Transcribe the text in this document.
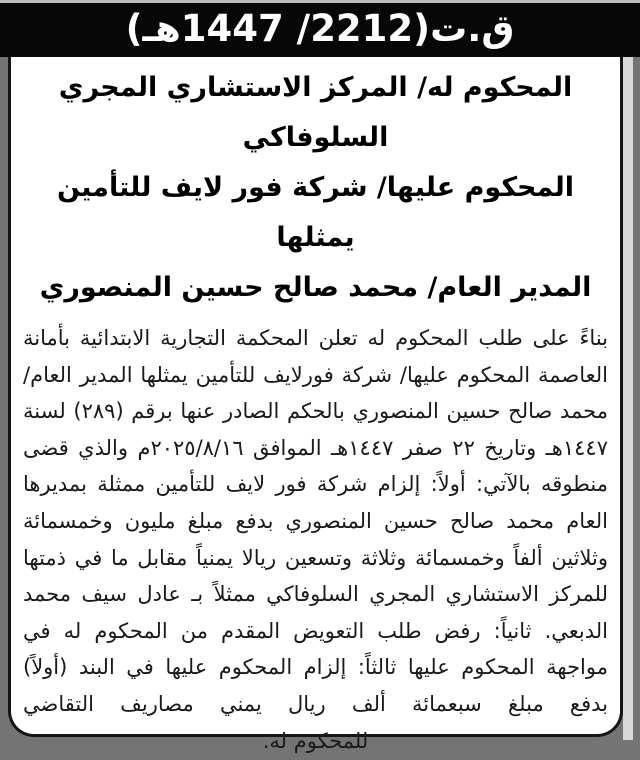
ق.ت(2212/ 1447هـ)
المحكوم له/ المركز الاستشاري المجري السلوفاكي
المحكوم عليها/ شركة فور لايف للتأمين يمثلها
المدير العام/ محمد صالح حسين المنصوري

بناءً على طلب المحكوم له تعلن المحكمة التجارية الابتدائية بأمانة العاصمة المحكوم عليها/ شركة فورلايف للتأمين يمثلها المدير العام/ محمد صالح حسين المنصوري بالحكم الصادر عنها برقم (٢٨٩) لسنة ١٤٤٧هـ وتاريخ ٢٢ صفر ١٤٤٧هـ الموافق ٢٠٢٥/٨/١٦م والذي قضى منطوقه بالآتي: أولاً: إلزام شركة فور لايف للتأمين ممثلة بمديرها العام محمد صالح حسين المنصوري بدفع مبلغ مليون وخمسمائة وثلاثين ألفاً وخمسمائة وثلاثة وتسعين ريالا يمنياً مقابل ما في ذمتها للمركز الاستشاري المجري السلوفاكي ممثلاً بـ عادل سيف محمد الدبعي. ثانياً: رفض طلب التعويض المقدم من المحكوم له في مواجهة المحكوم عليها ثالثاً: إلزام المحكوم عليها في البند (أولاً) بدفع مبلغ سبعمائة ألف ريال يمني مصاريف التقاضي

للمحكوم له.
